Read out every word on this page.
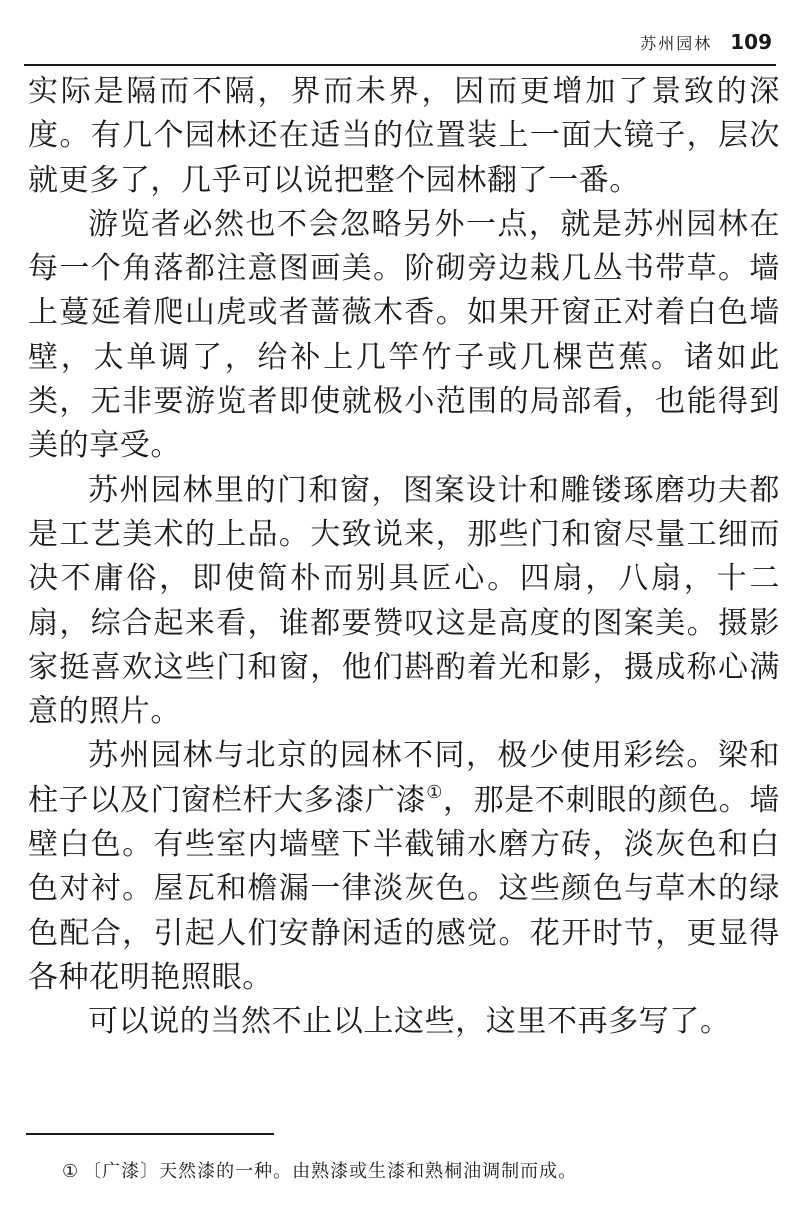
苏州园林 109

实际是隔而不隔，界而未界，因而更增加了景致的深度。有几个园林还在适当的位置装上一面大镜子，层次就更多了，几乎可以说把整个园林翻了一番。

游览者必然也不会忽略另外一点，就是苏州园林在每一个角落都注意图画美。阶砌旁边栽几丛书带草。墙上蔓延着爬山虎或者蔷薇木香。如果开窗正对着白色墙壁，太单调了，给补上几竿竹子或几棵芭蕉。诸如此类，无非要游览者即使就极小范围的局部看，也能得到美的享受。

苏州园林里的门和窗，图案设计和雕镂琢磨功夫都是工艺美术的上品。大致说来，那些门和窗尽量工细而决不庸俗，即使简朴而别具匠心。四扇，八扇，十二扇，综合起来看，谁都要赞叹这是高度的图案美。摄影家挺喜欢这些门和窗，他们斟酌着光和影，摄成称心满意的照片。

苏州园林与北京的园林不同，极少使用彩绘。梁和柱子以及门窗栏杆大多漆广漆①，那是不刺眼的颜色。墙壁白色。有些室内墙壁下半截铺水磨方砖，淡灰色和白色对衬。屋瓦和檐漏一律淡灰色。这些颜色与草木的绿色配合，引起人们安静闲适的感觉。花开时节，更显得各种花明艳照眼。

可以说的当然不止以上这些，这里不再多写了。

① 〔广漆〕天然漆的一种。由熟漆或生漆和熟桐油调制而成。
